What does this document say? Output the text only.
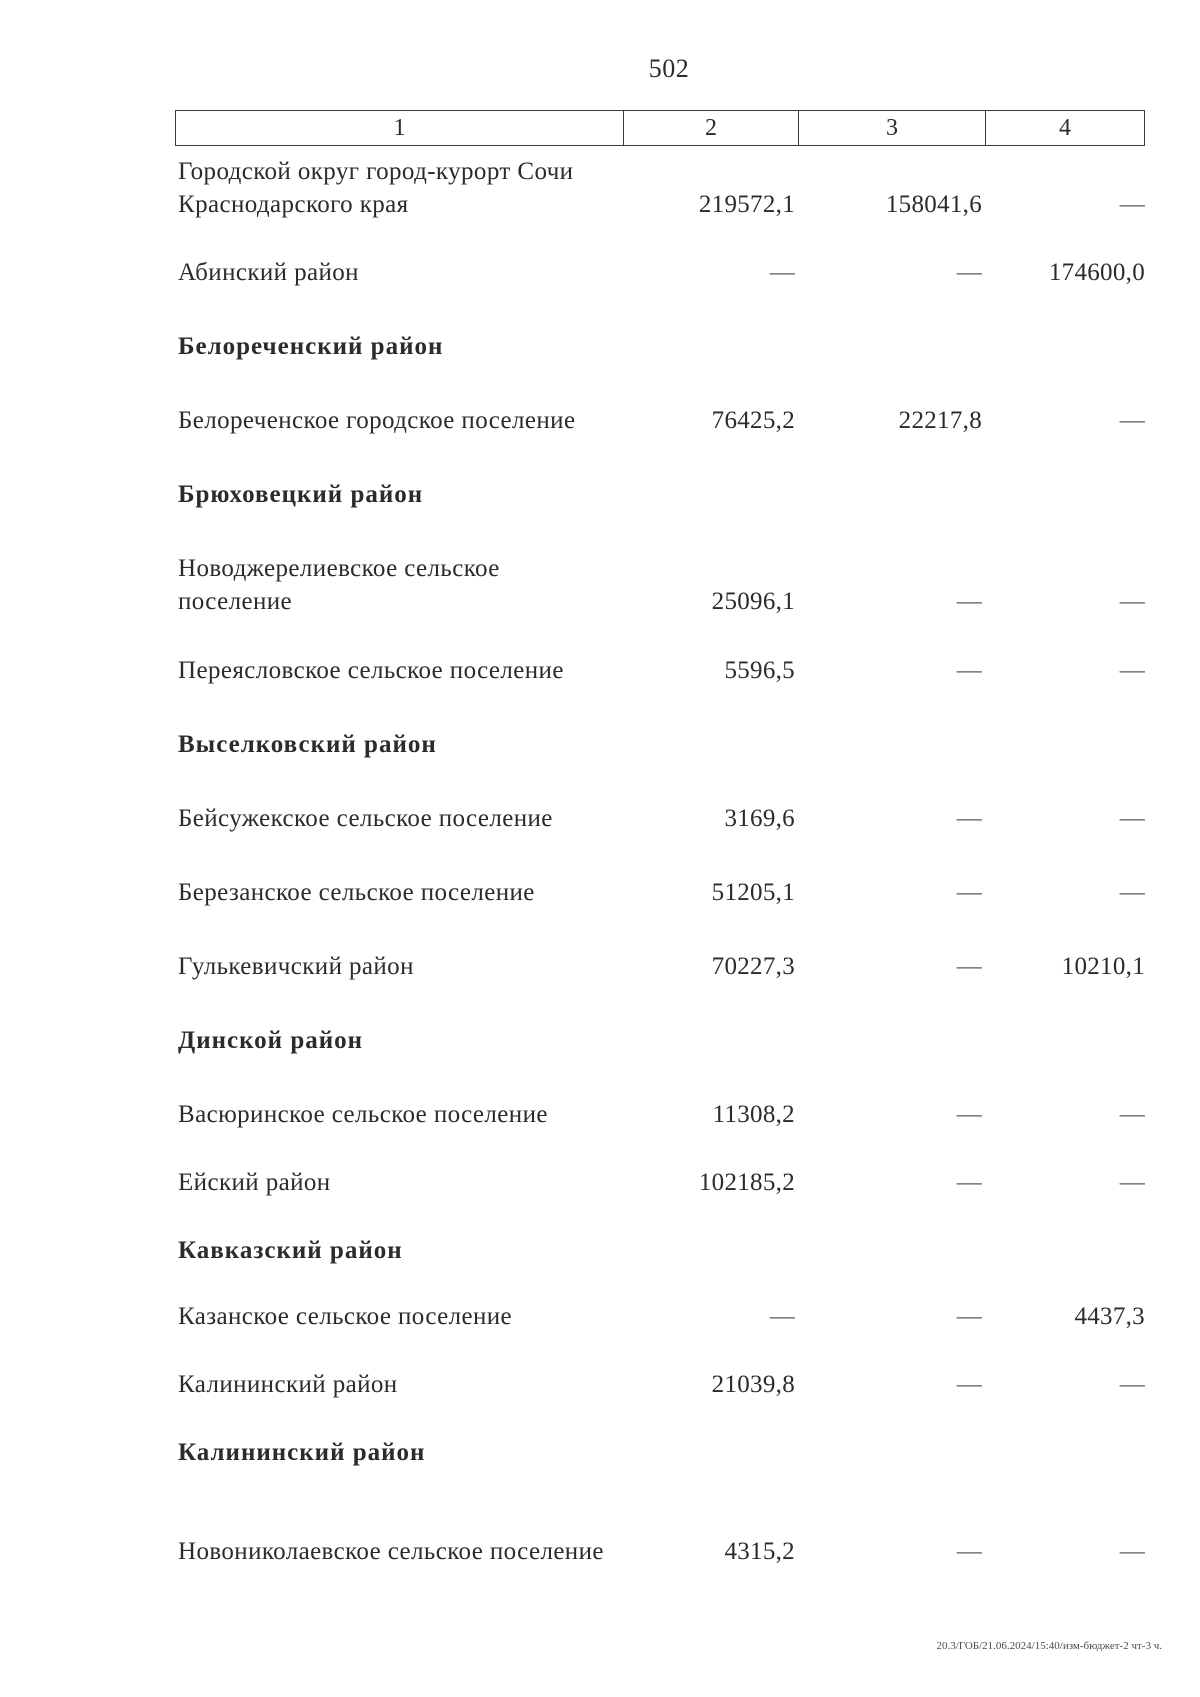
502
1	2	3	4
Городской округ город-курорт Сочи Краснодарского края	219572,1	158041,6	—
Абинский район	—	—	174600,0
Белореченский район
Белореченское городское поселение	76425,2	22217,8	—
Брюховецкий район
Новоджерелиевское сельское поселение	25096,1	—	—
Переясловское сельское поселение	5596,5	—	—
Выселковский район
Бейсужекское сельское поселение	3169,6	—	—
Березанское сельское поселение	51205,1	—	—
Гулькевичский район	70227,3	—	10210,1
Динской район
Васюринское сельское поселение	11308,2	—	—
Ейский район	102185,2	—	—
Кавказский район
Казанское сельское поселение	—	—	4437,3
Калининский район	21039,8	—	—
Калининский район
Новониколаевское сельское поселение	4315,2	—	—
20.3/ГОБ/21.06.2024/15:40/изм-бюджет-2 чт-3 ч.
